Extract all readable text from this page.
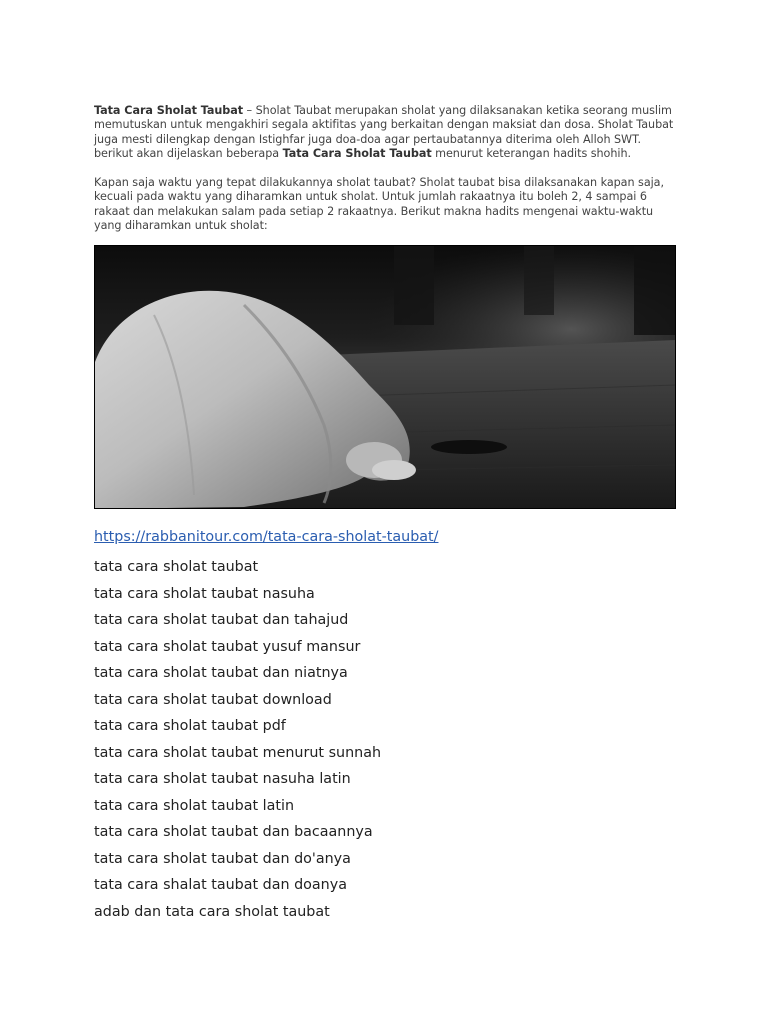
Tata Cara Sholat Taubat – Sholat Taubat merupakan sholat yang dilaksanakan ketika seorang muslim memutuskan untuk mengakhiri segala aktifitas yang berkaitan dengan maksiat dan dosa. Sholat Taubat juga mesti dilengkap dengan Istighfar juga doa-doa agar pertaubatannya diterima oleh Alloh SWT. berikut akan dijelaskan beberapa Tata Cara Sholat Taubat menurut keterangan hadits shohih.

Kapan saja waktu yang tepat dilakukannya sholat taubat? Sholat taubat bisa dilaksanakan kapan saja, kecuali pada waktu yang diharamkan untuk sholat. Untuk jumlah rakaatnya itu boleh 2, 4 sampai 6 rakaat dan melakukan salam pada setiap 2 rakaatnya. Berikut makna hadits mengenai waktu-waktu yang diharamkan untuk sholat:

https://rabbanitour.com/tata-cara-sholat-taubat/
tata cara sholat taubat
tata cara sholat taubat nasuha
tata cara sholat taubat dan tahajud
tata cara sholat taubat yusuf mansur
tata cara sholat taubat dan niatnya
tata cara sholat taubat download
tata cara sholat taubat pdf
tata cara sholat taubat menurut sunnah
tata cara sholat taubat nasuha latin
tata cara sholat taubat latin
tata cara sholat taubat dan bacaannya
tata cara sholat taubat dan do'anya
tata cara shalat taubat dan doanya
adab dan tata cara sholat taubat
